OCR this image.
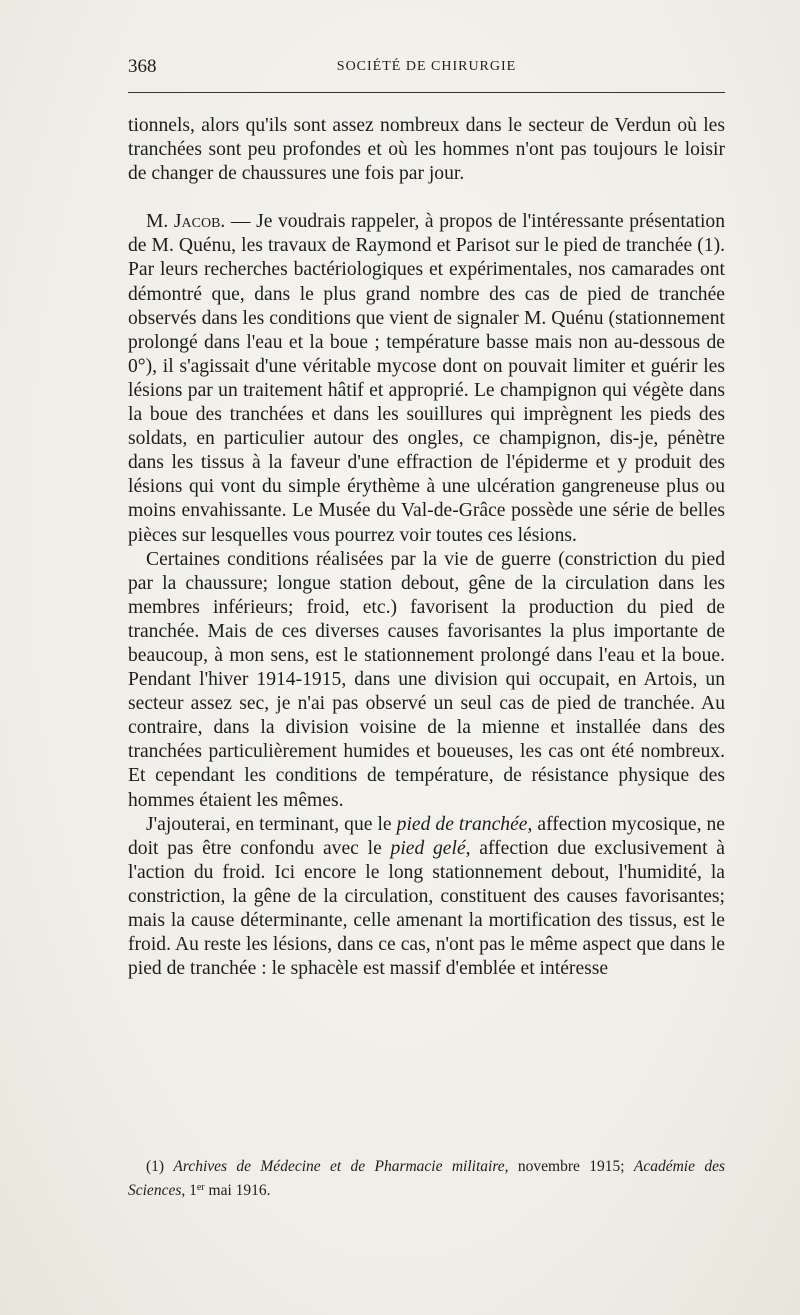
368	SOCIÉTÉ DE CHIRURGIE

tionnels, alors qu'ils sont assez nombreux dans le secteur de Verdun où les tranchées sont peu profondes et où les hommes n'ont pas toujours le loisir de changer de chaussures une fois par jour.

M. Jacob. — Je voudrais rappeler, à propos de l'intéressante présentation de M. Quénu, les travaux de Raymond et Parisot sur le pied de tranchée (1). Par leurs recherches bactériologiques et expérimentales, nos camarades ont démontré que, dans le plus grand nombre des cas de pied de tranchée observés dans les conditions que vient de signaler M. Quénu (stationnement prolongé dans l'eau et la boue ; température basse mais non au-dessous de 0°), il s'agissait d'une véritable mycose dont on pouvait limiter et guérir les lésions par un traitement hâtif et approprié. Le champignon qui végète dans la boue des tranchées et dans les souillures qui imprègnent les pieds des soldats, en particulier autour des ongles, ce champignon, dis-je, pénètre dans les tissus à la faveur d'une effraction de l'épiderme et y produit des lésions qui vont du simple érythème à une ulcération gangreneuse plus ou moins envahissante. Le Musée du Val-de-Grâce possède une série de belles pièces sur lesquelles vous pourrez voir toutes ces lésions.

Certaines conditions réalisées par la vie de guerre (constriction du pied par la chaussure; longue station debout, gêne de la circulation dans les membres inférieurs; froid, etc.) favorisent la production du pied de tranchée. Mais de ces diverses causes favorisantes la plus importante de beaucoup, à mon sens, est le stationnement prolongé dans l'eau et la boue. Pendant l'hiver 1914-1915, dans une division qui occupait, en Artois, un secteur assez sec, je n'ai pas observé un seul cas de pied de tranchée. Au contraire, dans la division voisine de la mienne et installée dans des tranchées particulièrement humides et boueuses, les cas ont été nombreux. Et cependant les conditions de température, de résistance physique des hommes étaient les mêmes.

J'ajouterai, en terminant, que le pied de tranchée, affection mycosique, ne doit pas être confondu avec le pied gelé, affection due exclusivement à l'action du froid. Ici encore le long stationnement debout, l'humidité, la constriction, la gêne de la circulation, constituent des causes favorisantes; mais la cause déterminante, celle amenant la mortification des tissus, est le froid. Au reste les lésions, dans ce cas, n'ont pas le même aspect que dans le pied de tranchée : le sphacèle est massif d'emblée et intéresse

(1) Archives de Médecine et de Pharmacie militaire, novembre 1915; Académie des Sciences, 1er mai 1916.
